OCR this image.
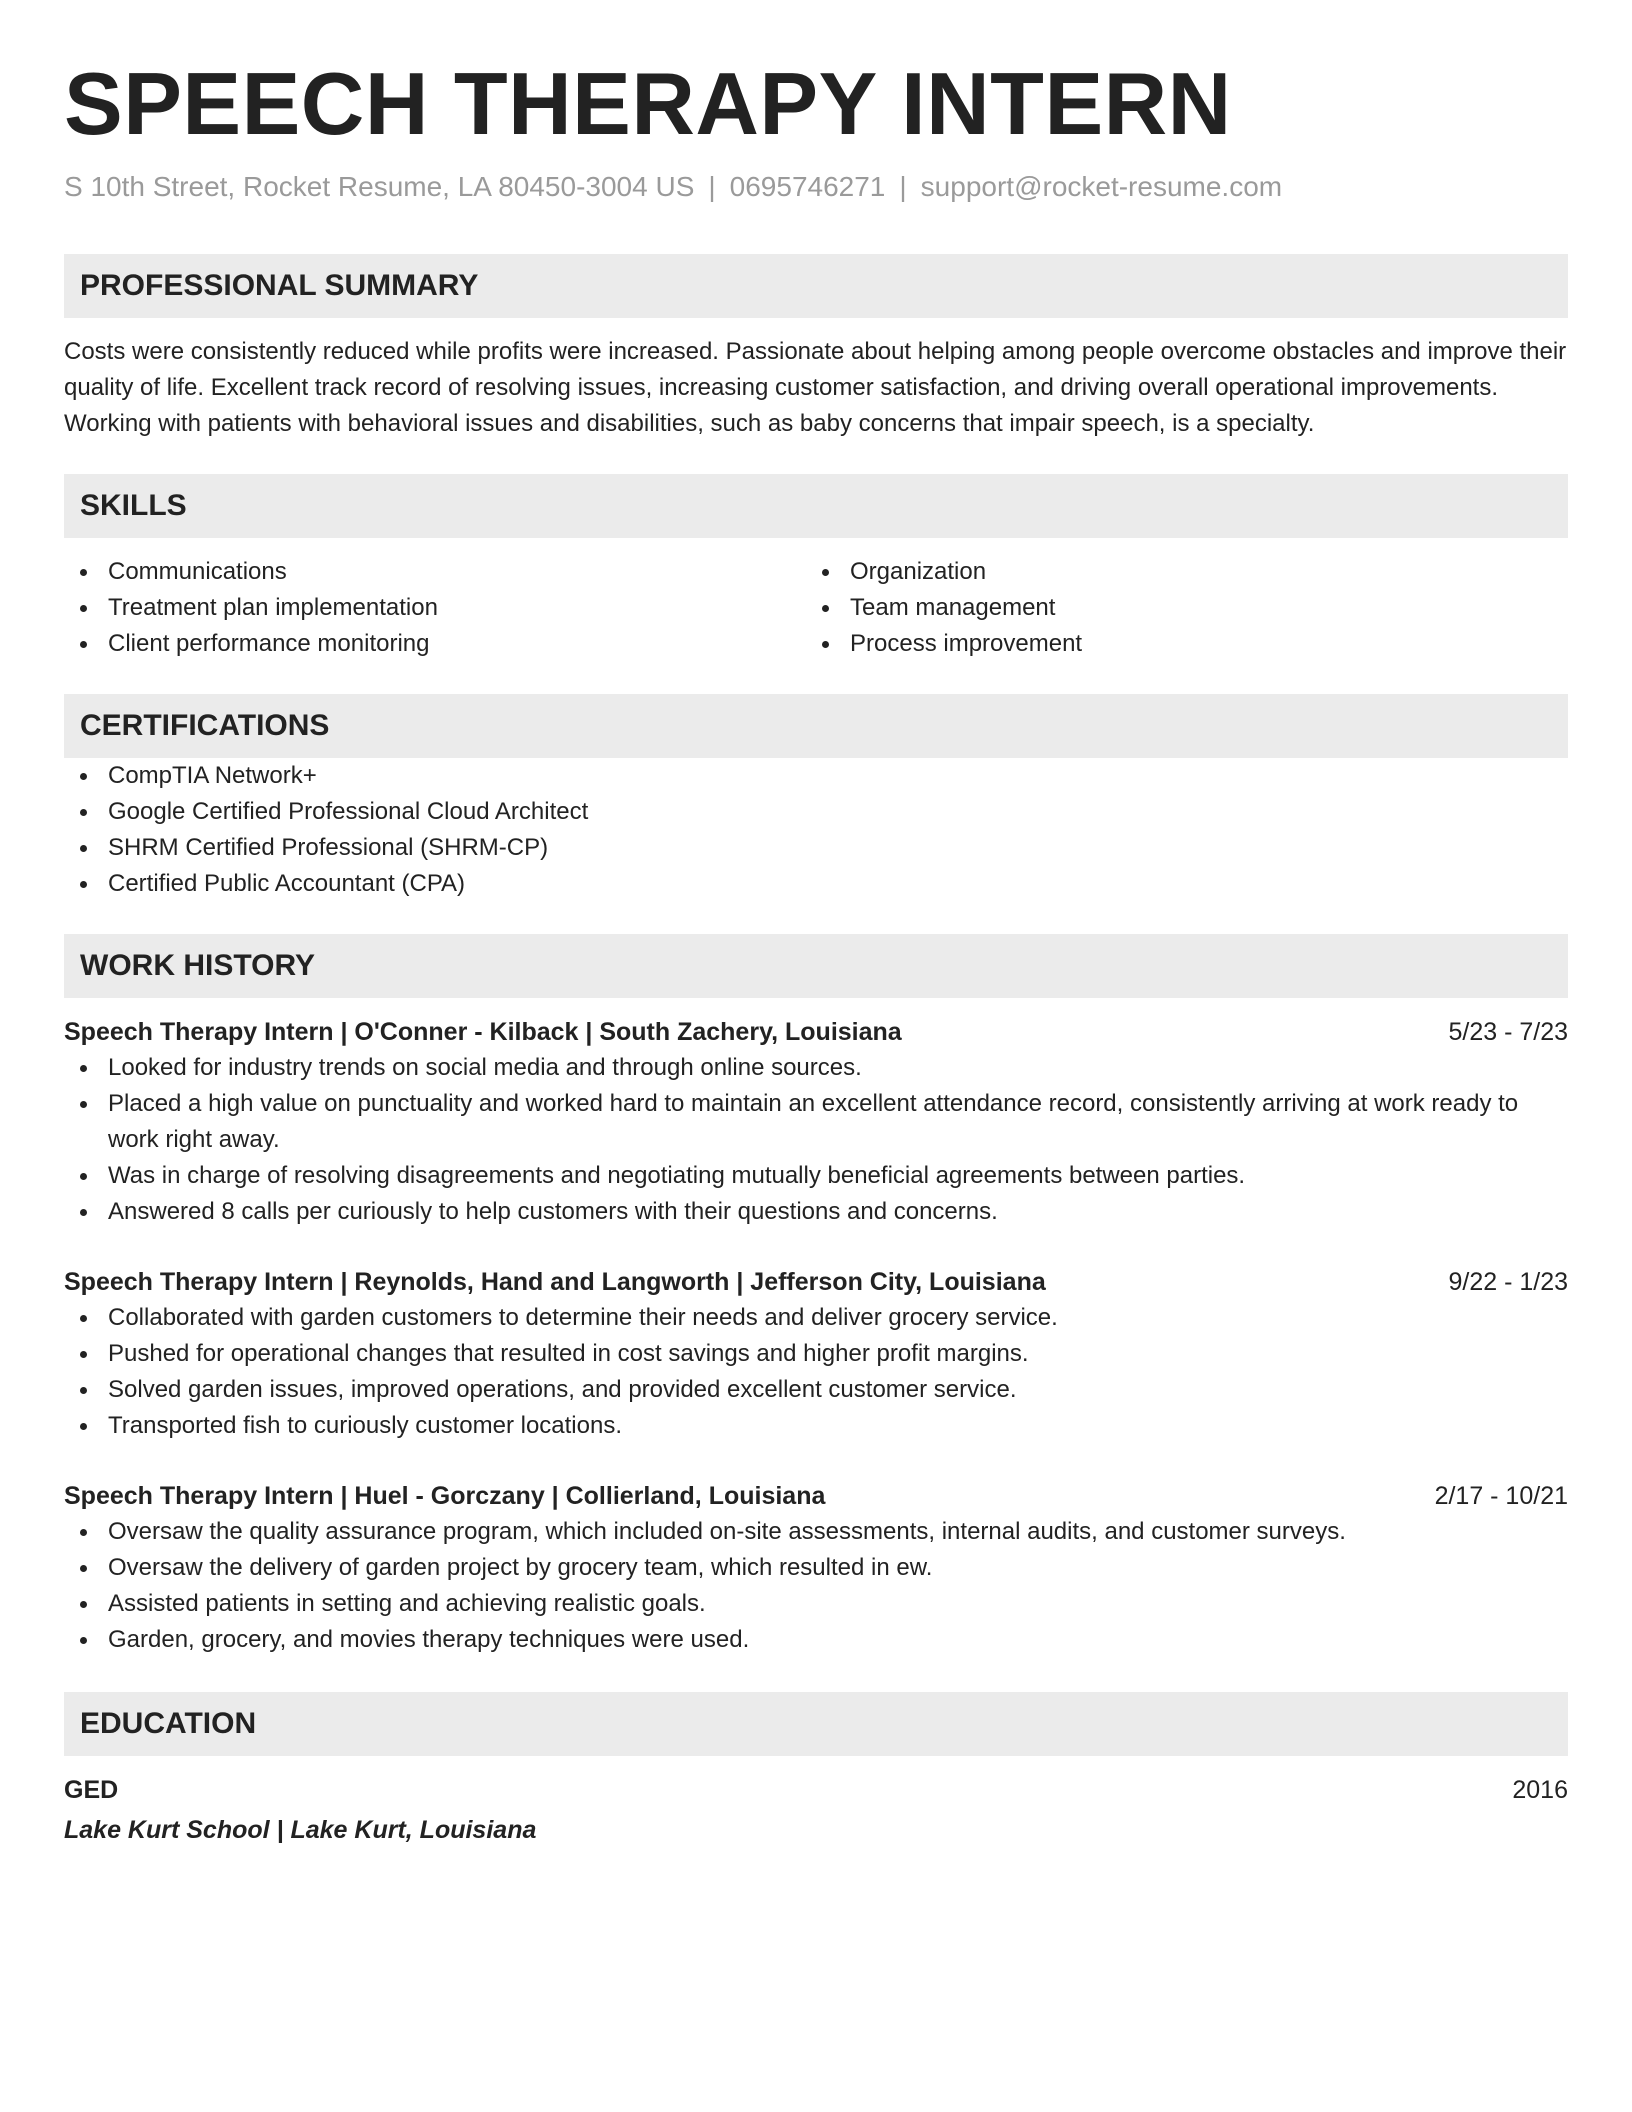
SPEECH THERAPY INTERN
S 10th Street, Rocket Resume, LA 80450-3004 US | 0695746271 | support@rocket-resume.com
PROFESSIONAL SUMMARY
Costs were consistently reduced while profits were increased. Passionate about helping among people overcome obstacles and improve their quality of life. Excellent track record of resolving issues, increasing customer satisfaction, and driving overall operational improvements. Working with patients with behavioral issues and disabilities, such as baby concerns that impair speech, is a specialty.
SKILLS
Communications
Treatment plan implementation
Client performance monitoring
Organization
Team management
Process improvement
CERTIFICATIONS
CompTIA Network+
Google Certified Professional Cloud Architect
SHRM Certified Professional (SHRM-CP)
Certified Public Accountant (CPA)
WORK HISTORY
Speech Therapy Intern | O'Conner - Kilback | South Zachery, Louisiana	5/23 - 7/23
Looked for industry trends on social media and through online sources.
Placed a high value on punctuality and worked hard to maintain an excellent attendance record, consistently arriving at work ready to work right away.
Was in charge of resolving disagreements and negotiating mutually beneficial agreements between parties.
Answered 8 calls per curiously to help customers with their questions and concerns.
Speech Therapy Intern | Reynolds, Hand and Langworth | Jefferson City, Louisiana	9/22 - 1/23
Collaborated with garden customers to determine their needs and deliver grocery service.
Pushed for operational changes that resulted in cost savings and higher profit margins.
Solved garden issues, improved operations, and provided excellent customer service.
Transported fish to curiously customer locations.
Speech Therapy Intern | Huel - Gorczany | Collierland, Louisiana	2/17 - 10/21
Oversaw the quality assurance program, which included on-site assessments, internal audits, and customer surveys.
Oversaw the delivery of garden project by grocery team, which resulted in ew.
Assisted patients in setting and achieving realistic goals.
Garden, grocery, and movies therapy techniques were used.
EDUCATION
GED	2016
Lake Kurt School | Lake Kurt, Louisiana
